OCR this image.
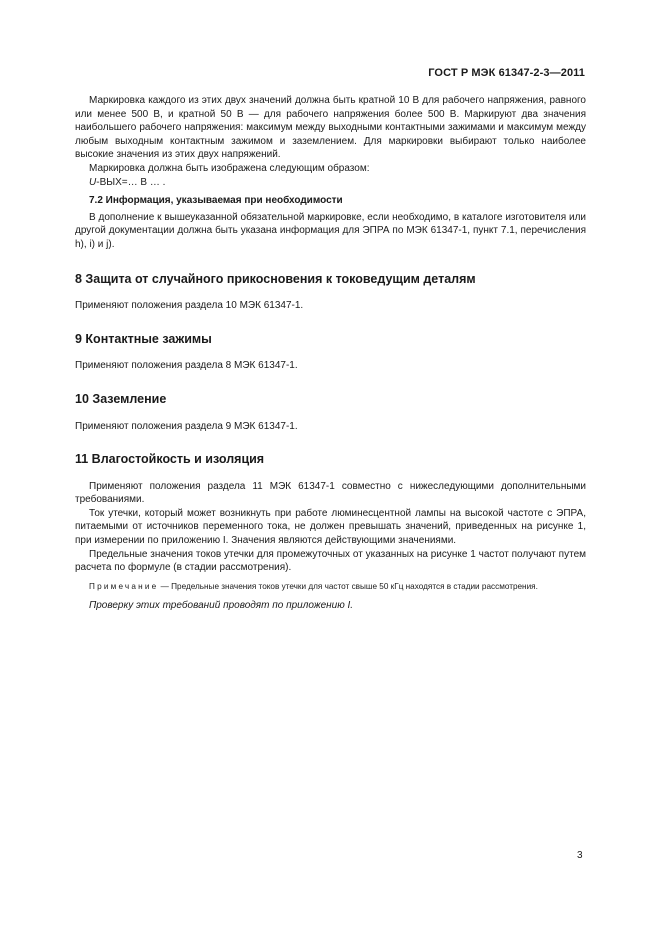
ГОСТ Р МЭК 61347-2-3—2011

Маркировка каждого из этих двух значений должна быть кратной 10 В для рабочего напряжения, равного или менее 500 В, и кратной 50 В — для рабочего напряжения более 500 В. Маркируют два значения наибольшего рабочего напряжения: максимум между выходными контактными зажимами и максимум между любым выходным контактным зажимом и заземлением. Для маркировки выбирают только наиболее высокие значения из этих двух напряжений.

Маркировка должна быть изображена следующим образом:

U-ВЫХ=… В … .
7.2 Информация, указываемая при необходимости

В дополнение к вышеуказанной обязательной маркировке, если необходимо, в каталоге изготовителя или другой документации должна быть указана информация для ЭПРА по МЭК 61347-1, пункт 7.1, перечисления h), i) и j).

8 Защита от случайного прикосновения к токоведущим деталям

Применяют положения раздела 10 МЭК 61347-1.

9 Контактные зажимы

Применяют положения раздела 8 МЭК 61347-1.

10 Заземление

Применяют положения раздела 9 МЭК 61347-1.

11 Влагостойкость и изоляция

Применяют положения раздела 11 МЭК 61347-1 совместно с нижеследующими дополнительными требованиями.

Ток утечки, который может возникнуть при работе люминесцентной лампы на высокой частоте с ЭПРА, питаемыми от источников переменного тока, не должен превышать значений, приведенных на рисунке 1, при измерении по приложению I. Значения являются действующими значениями.

Предельные значения токов утечки для промежуточных от указанных на рисунке 1 частот получают путем расчета по формуле (в стадии рассмотрения).

Примечание — Предельные значения токов утечки для частот свыше 50 кГц находятся в стадии рассмотрения.

Проверку этих требований проводят по приложению I.

3
